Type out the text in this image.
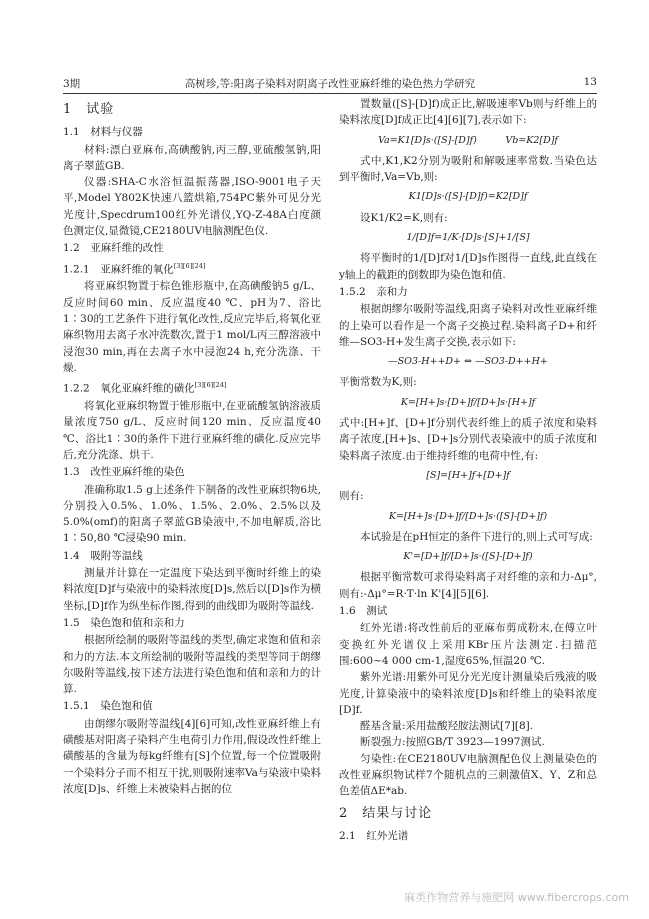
3期	高树珍,等:阳离子染料对阴离子改性亚麻纤维的染色热力学研究	13

1　试验

1.1　材料与仪器

材料:漂白亚麻布,高碘酸钠,丙三醇,亚硫酸氢钠,阳离子翠蓝GB.

仪器:SHA-C水浴恒温振荡器,ISO-9001电子天平,Model Y802K快速八篮烘箱,754PC紫外可见分光光度计,Specdrum100红外光谱仪,YQ-Z-48A白度颜色测定仪,显微镜,CE2180UV电脑测配色仪.

1.2　亚麻纤维的改性

1.2.1　亚麻纤维的氧化[3][6][24]

将亚麻织物置于棕色锥形瓶中,在高碘酸钠5 g/L、反应时间60 min、反应温度40 ℃、pH为7、浴比1∶30的工艺条件下进行氧化改性,反应完毕后,将氧化亚麻织物用去离子水冲洗数次,置于1 mol/L丙三醇溶液中浸泡30 min,再在去离子水中浸泡24 h,充分洗涤、干燥.

1.2.2　氧化亚麻纤维的磺化[3][6][24]

将氧化亚麻织物置于锥形瓶中,在亚硫酸氢钠溶液质量浓度750 g/L、反应时间120 min、反应温度40 ℃、浴比1∶30的条件下进行亚麻纤维的磺化.反应完毕后,充分洗涤、烘干.

1.3　改性亚麻纤维的染色

准确称取1.5 g上述条件下制备的改性亚麻织物6块,分别投入0.5%、1.0%、1.5%、2.0%、2.5%以及5.0%(omf)的阳离子翠蓝GB染液中,不加电解质,浴比1∶50,80 ℃浸染90 min.

1.4　吸附等温线

测量并计算在一定温度下染达到平衡时纤维上的染料浓度[D]f与染液中的染料浓度[D]s,然后以[D]s作为横坐标,[D]f作为纵坐标作图,得到的曲线即为吸附等温线.

1.5　染色饱和值和亲和力

根据所绘制的吸附等温线的类型,确定求饱和值和亲和力的方法.本文所绘制的吸附等温线的类型等同于朗缪尔吸附等温线,按下述方法进行染色饱和值和亲和力的计算.

1.5.1　染色饱和值

由朗缪尔吸附等温线[4][6]可知,改性亚麻纤维上有磺酸基对阳离子染料产生电荷引力作用,假设改性纤维上磺酸基的含量为每kg纤维有[S]个位置,每一个位置吸附一个染料分子而不相互干扰,则吸附速率Va与染液中染料浓度[D]s、纤维上未被染料占据的位

置数量([S]-[D]f)成正比,解吸速率Vb则与纤维上的染料浓度[D]f成正比[4][6][7],表示如下:

Va=K1[D]s·([S]-[D]f)　　　Vb=K2[D]f

式中,K1,K2分别为吸附和解吸速率常数.当染色达到平衡时,Va=Vb,则:

K1[D]s·([S]-[D]f)=K2[D]f

设K1/K2=K,则有:

1/[D]f=1/K·[D]s·[S]+1/[S]

将平衡时的1/[D]f对1/[D]s作图得一直线,此直线在y轴上的截距的倒数即为染色饱和值.

1.5.2　亲和力

根据朗缪尔吸附等温线,阳离子染料对改性亚麻纤维的上染可以看作是一个离子交换过程.染料离子D+和纤维—SO3-H+发生离子交换,表示如下:

—SO3-H++D+ ⇔ —SO3-D++H+

平衡常数为K,则:

K=[H+]s·[D+]f/[D+]s·[H+]f

式中:[H+]f、[D+]f分别代表纤维上的质子浓度和染料离子浓度,[H+]s、[D+]s分别代表染液中的质子浓度和染料离子浓度.由于维持纤维的电荷中性,有:

[S]=[H+]f+[D+]f

则有:

K=[H+]s·[D+]f/[D+]s·([S]-[D+]f)

本试验是在pH恒定的条件下进行的,则上式可写成:

K'=[D+]f/[D+]s·([S]-[D+]f)

根据平衡常数可求得染料离子对纤维的亲和力-Δμ°,则有:-Δμ°=R·T·ln K'[4][5][6].

1.6　测试

红外光谱:将改性前后的亚麻布剪成粉末,在傅立叶变换红外光谱仪上采用KBr压片法测定.扫描范围:600~4 000 cm-1,湿度65%,恒温20 ℃.

紫外光谱:用紫外可见分光光度计测量染后残液的吸光度,计算染液中的染料浓度[D]s和纤维上的染料浓度[D]f.

醛基含量:采用盐酸羟胺法测试[7][8].

断裂强力:按照GB/T 3923—1997测试.

匀染性:在CE2180UV电脑测配色仪上测量染色的改性亚麻织物试样7个随机点的三刺激值X、Y、Z和总色差值ΔE*ab.

2　结果与讨论

2.1　红外光谱

麻类作物营养与施肥网 www.fibercrops.com
